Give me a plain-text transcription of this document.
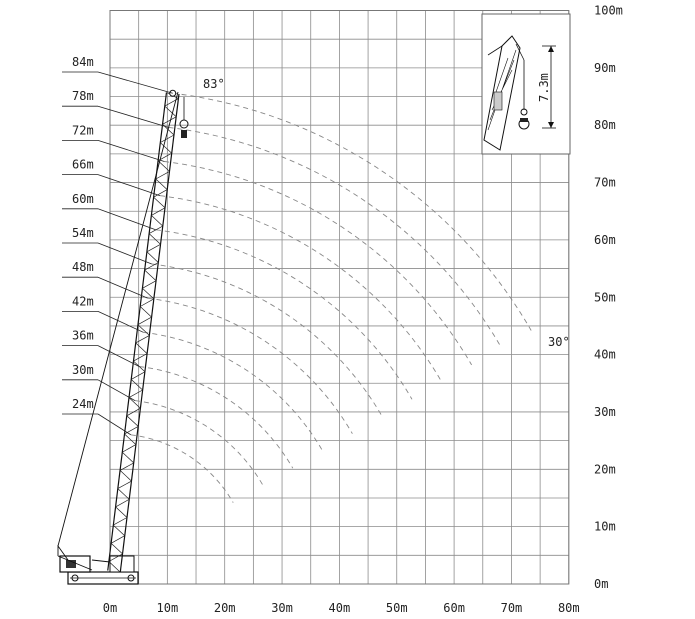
84m
78m
72m
66m
60m
54m
48m
42m
36m
30m
24m
83°
30°
0m
10m
20m
30m
40m
50m
60m
70m
80m
90m
100m
0m	10m	20m	30m	40m	50m	60m	70m	80m
7.3m
